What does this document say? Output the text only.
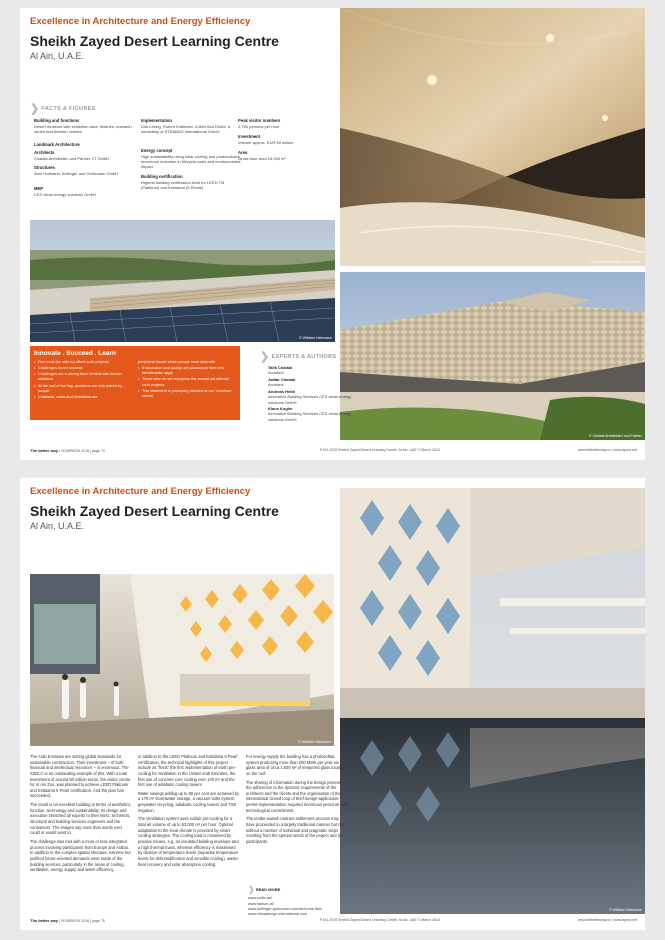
Excellence in Architecture and Energy Efficiency
Sheikh Zayed Desert Learning Centre
Al Ain, U.A.E.
© Chalabi Architekten und Partner
❯ FACTS & FIGURES
Building and functions
Desert museum with exhibition area, libraries, research centre and theatre/ cinema
Landmark Architecture
Architects
Chalabi Architekten und Partner ZT GmbH
Structures
Arne Hofmann, Bollinger und Grohmann GmbH
MEP
CES clean energy solutions GmbH
Implementation
Dirk Leitzig, Robert Kralikofer, Züblin Abu Dhabi, a subsidiary of STRABAG International GmbH
Energy concept
High sustainability using solar cooling and photovoltaics, enormous reduction in lifecycle costs and environmental impact
Building certification
Highest building certification level for LEED TM (Platinum) and Estidama (5 Pearls)
Peak visitor numbers
2,750 persons per hour
Investment
Volume approx. EUR 60 million
Area
Gross floor area 15,000 m²
© Wilhelm Heinmann
© Chalabi Architekten und Partner
Innovate . Succeed . Learn
• One must (be able to) afford such projects
• Challenges breed success
• Challenges are a driving force behind new human solutions
• At the end of the day, problems are only solved by people
• Contracts, costs and timetables are
• peripheral issues which people must deal with
• If innovation and quality are paramount then new benchmarks apply
• Those who do not recognise this should not attempt such projects
• This statement is principally directed at our "excellent clients"
❯ EXPERTS & AUTHORS
Talik Chalabi
Architect
Jaafar Chalabi
Architect
Andreas Heibl
Innovative Building Services CES clean energy solutions GmbH
Klaus Kogler
Innovative Building Services CES clean energy solutions GmbH
The better way | YEARBOOK 2016 | page 74	P.011.2015 Sheikh Zayed Desert Learning Centre, Al Ain, UAE © March 2016	www.thebetterway.cc | www.ixpma.net
Excellence in Architecture and Energy Efficiency
Sheikh Zayed Desert Learning Centre
Al Ain, U.A.E.
© Wilhelm Heinmann
© Wilhelm Heinmann

The Arab Emirates are setting global standards for sustainable construction. Their investment – of both financial and intellectual resources – is enormous. The SZDLC is an outstanding example of this. With a total investment of around 50 million euros, the visitor centre for Al Ain Zoo, was planned to achieve LEED Platinum and Estidama 5 Pearl certification. And the plan has succeeded.

The result is an excellent building in terms of aesthetics, function, technology and sustainability. Its design and execution stretched all experts to their limits: architects, structural and building services engineers and the contractors. The images say more than words ever could or would want to.

The challenge was met with a more or less integrated process involving participants from Europe and Arabia. In addition to the complex spatial structure, extreme but justified future-oriented demands were made of the building services, particularly in the areas of cooling, ventilation, energy supply and water efficiency.

In addition to the LEED Platinum and Estidama 5 Pearl certification, the technical highlights of this project include as "firsts" the first implementation of earth pre-cooling for ventilation in the United Arab Emirates, the first use of concrete core cooling over 100 m² and the first use of adiabatic cooling towers.

Water savings adding up to 80 per cent are achieved by a 170 m³ stormwater storage, a vacuum toilet system, greywater recycling, adiabatic cooling towers and TSE irrigation.

The ventilation system uses soil/air pre-cooling for a total air volume of up to 63,000 m³ per hour. Optimal adaptation to the local climate is provided by smart cooling strategies. The cooling load is minimised by passive means, e.g. an insulated building envelope and a high thermal mass, whereas efficiency is maximised by division of temperature levels (separate temperature levels for dehumidification and sensible cooling), waste-heat recovery and solar absorption cooling.

For energy supply the building has a photovoltaic system producing more than 200 MWh per year via a glass area of circa 1,500 m² of tempered glass located on the roof.

The sharing of information during the design process, the adherence to the dynamic requirements of the architects and the clients and the organisation of the international closed loop of brief-design-application-permit-implementation required enormous personal and technological commitment.

The tender-award-contract-settlement process may have proceeded in a largely traditional manner but not without a number of individual and pragmatic steps resulting from the special needs of the project and its participants.

❯ READ MORE
www.szdlc.ae/
www.faktum.at/
www.bollinger-grohmann.com/de/home.html
www.climadesign-international.com
The better way | YEARBOOK 2016 | page 75	P.011.2015 Sheikh Zayed Desert Learning Centre, Al Ain, UAE © March 2016	www.thebetterway.cc | www.ixpma.net
